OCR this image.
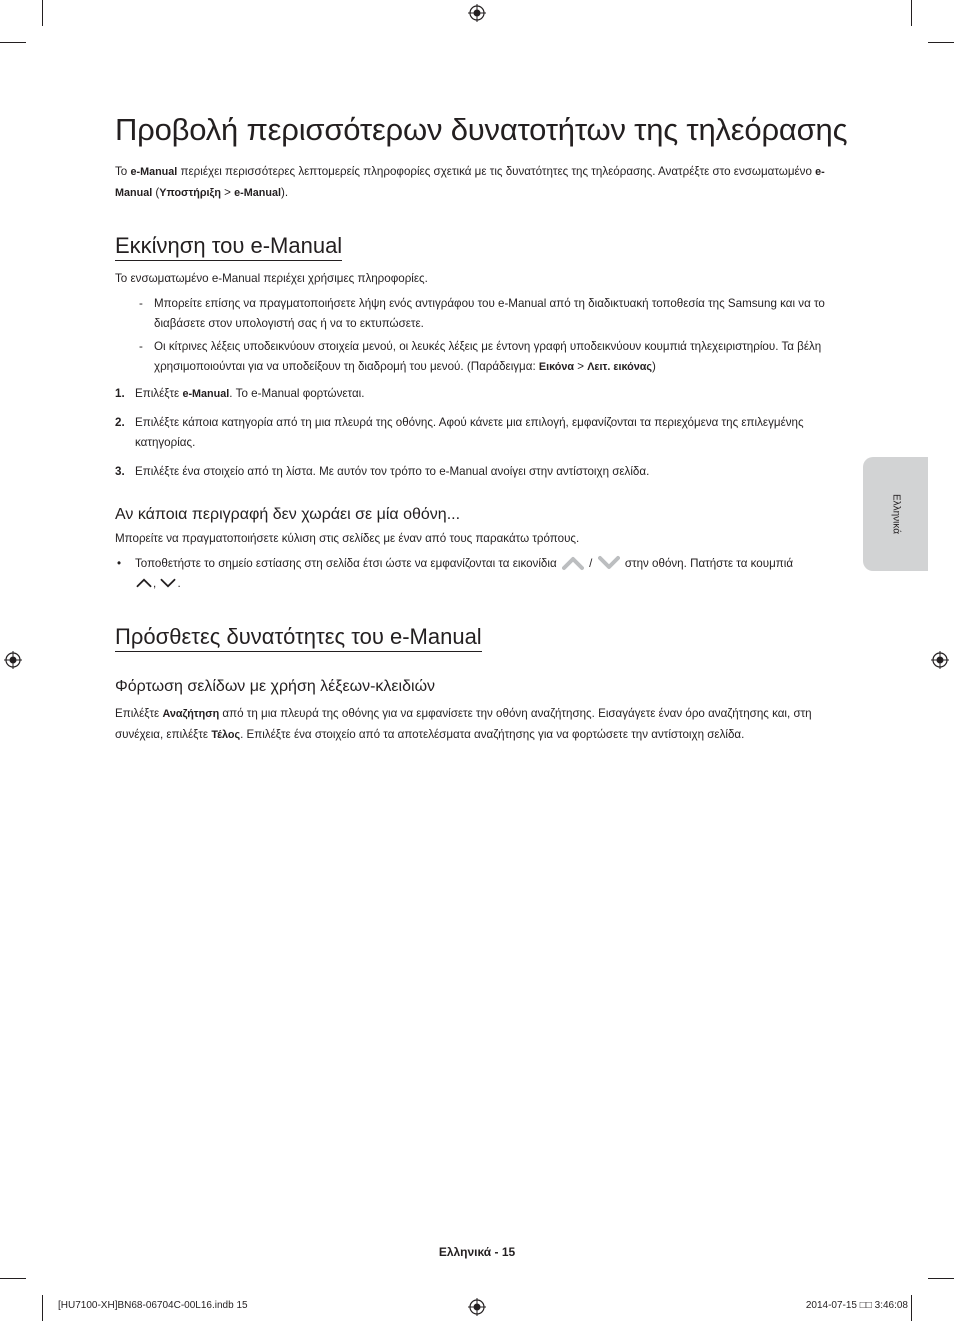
Προβολή περισσότερων δυνατοτήτων της τηλεόρασης

Το e-Manual περιέχει περισσότερες λεπτομερείς πληροφορίες σχετικά με τις δυνατότητες της τηλεόρασης. Ανατρέξτε στο ενσωματωμένο e-Manual (Υποστήριξη > e-Manual).

Εκκίνηση του e-Manual

Το ενσωματωμένο e-Manual περιέχει χρήσιμες πληροφορίες.

- Μπορείτε επίσης να πραγματοποιήσετε λήψη ενός αντιγράφου του e-Manual από τη διαδικτυακή τοποθεσία της Samsung και να το διαβάσετε στον υπολογιστή σας ή να το εκτυπώσετε.

- Οι κίτρινες λέξεις υποδεικνύουν στοιχεία μενού, οι λευκές λέξεις με έντονη γραφή υποδεικνύουν κουμπιά τηλεχειριστηρίου. Τα βέλη χρησιμοποιούνται για να υποδείξουν τη διαδρομή του μενού. (Παράδειγμα: Εικόνα > Λειτ. εικόνας)

1. Επιλέξτε e-Manual. Το e-Manual φορτώνεται.

2. Επιλέξτε κάποια κατηγορία από τη μια πλευρά της οθόνης. Αφού κάνετε μια επιλογή, εμφανίζονται τα περιεχόμενα της επιλεγμένης κατηγορίας.

3. Επιλέξτε ένα στοιχείο από τη λίστα. Με αυτόν τον τρόπο το e-Manual ανοίγει στην αντίστοιχη σελίδα.

Αν κάποια περιγραφή δεν χωράει σε μία οθόνη...

Μπορείτε να πραγματοποιήσετε κύλιση στις σελίδες με έναν από τους παρακάτω τρόπους.

• Τοποθετήστε το σημείο εστίασης στη σελίδα έτσι ώστε να εμφανίζονται τα εικονίδια	/	στην οθόνη. Πατήστε τα κουμπιά
, .

Πρόσθετες δυνατότητες του e-Manual
Φόρτωση σελίδων με χρήση λέξεων-κλειδιών

Επιλέξτε Αναζήτηση από τη μια πλευρά της οθόνης για να εμφανίσετε την οθόνη αναζήτησης. Εισαγάγετε έναν όρο αναζήτησης και, στη συνέχεια, επιλέξτε Τέλος. Επιλέξτε ένα στοιχείο από τα αποτελέσματα αναζήτησης για να φορτώσετε την αντίστοιχη σελίδα.

Ελληνικά
Ελληνικά - 15
[HU7100-XH]BN68-06704C-00L16.indb 15	2014-07-15 □□ 3:46:08
